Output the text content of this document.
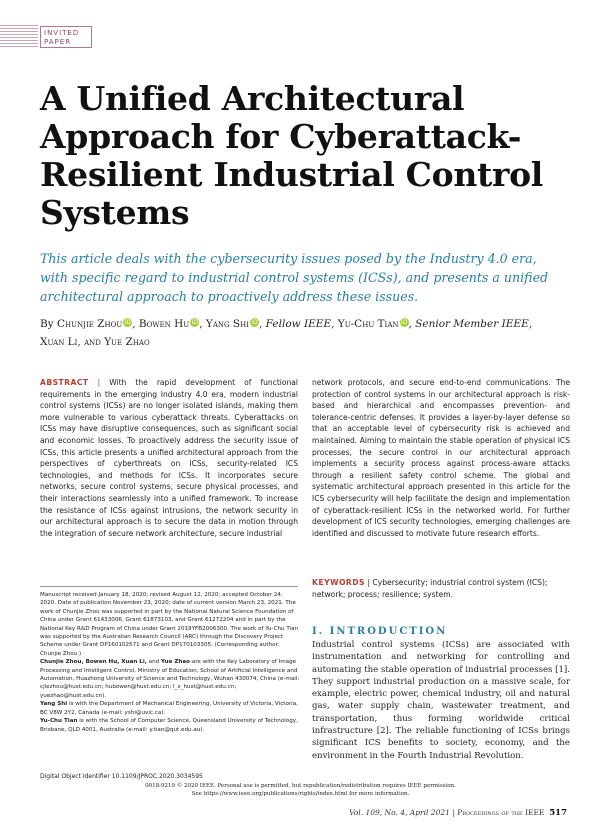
INVITED
PAPER
A Unified Architectural Approach for Cyberattack-Resilient Industrial Control Systems
This article deals with the cybersecurity issues posed by the Industry 4.0 era, with specific regard to industrial control systems (ICSs), and presents a unified architectural approach to proactively address these issues.
By Chunjie Zhou iD, Bowen Hu iD, Yang Shi iD, Fellow IEEE, Yu-Chu Tian iD, Senior Member IEEE,
Xuan Li, and Yue Zhao
ABSTRACT | With the rapid development of functional requirements in the emerging Industry 4.0 era, modern industrial control systems (ICSs) are no longer isolated islands, making them more vulnerable to various cyberattack threats. Cyberattacks on ICSs may have disruptive consequences, such as significant social and economic losses. To proactively address the security issue of ICSs, this article presents a unified architectural approach from the perspectives of cyberthreats on ICSs, security-related ICS technologies, and methods for ICSs. It incorporates secure networks, secure control systems, secure physical processes, and their interactions seamlessly into a unified framework. To increase the resistance of ICSs against intrusions, the network security in our architectural approach is to secure the data in motion through the integration of secure network architecture, secure industrial
network protocols, and secure end-to-end communications. The protection of control systems in our architectural approach is risk-based and hierarchical and encompasses prevention- and tolerance-centric defenses. It provides a layer-by-layer defense so that an acceptable level of cybersecurity risk is achieved and maintained. Aiming to maintain the stable operation of physical ICS processes, the secure control in our architectural approach implements a security process against process-aware attacks through a resilient safety control scheme. The global and systematic architectural approach presented in this article for the ICS cybersecurity will help facilitate the design and implementation of cyberattack-resilient ICSs in the networked world. For further development of ICS security technologies, emerging challenges are identified and discussed to motivate future research efforts.
KEYWORDS | Cybersecurity; industrial control system (ICS); network; process; resilience; system.

Manuscript received January 18, 2020; revised August 12, 2020; accepted October 24, 2020. Date of publication November 23, 2020; date of current version March 23, 2021. The work of Chunjie Zhou was supported in part by the National Natural Science Foundation of China under Grant 61433006, Grant 61873103, and Grant 61272204 and in part by the National Key R&D Program of China under Grant 2019YFB2006300. The work of Yu-Chu Tian was supported by the Australian Research Council (ARC) through the Discovery Project Scheme under Grant DP160102571 and Grant DP170103305. (Corresponding author: Chunjie Zhou.)

Chunjie Zhou, Bowen Hu, Xuan Li, and Yue Zhao are with the Key Laboratory of Image Processing and Intelligent Control, Ministry of Education, School of Artificial Intelligence and Automation, Huazhong University of Science and Technology, Wuhan 430074, China (e-mail: cjiezhou@hust.edu.cn; hubowen@hust.edu.cn; l_x_hust@hust.edu.cn; yuezhao@hust.edu.cn).

Yang Shi is with the Department of Mechanical Engineering, University of Victoria, Victoria, BC V8W 2Y2, Canada (e-mail: yshi@uvic.ca).

Yu-Chu Tian is with the School of Computer Science, Queensland University of Technology, Brisbane, QLD 4001, Australia (e-mail: y.tian@qut.edu.au).

Digital Object Identifier 10.1109/JPROC.2020.3034595
I. INTRODUCTION
Industrial control systems (ICSs) are associated with instrumentation and networking for controlling and automating the stable operation of industrial processes [1]. They support industrial production on a massive scale, for example, electric power, chemical industry, oil and natural gas, water supply chain, wastewater treatment, and transportation, thus forming worldwide critical infrastructure [2]. The reliable functioning of ICSs brings significant ICS benefits to society, economy, and the environment in the Fourth Industrial Revolution.
0018-9219 © 2020 IEEE. Personal use is permitted, but republication/redistribution requires IEEE permission.
See https://www.ieee.org/publications/rights/index.html for more information.
Vol. 109, No. 4, April 2021 | Proceedings of the IEEE 517
